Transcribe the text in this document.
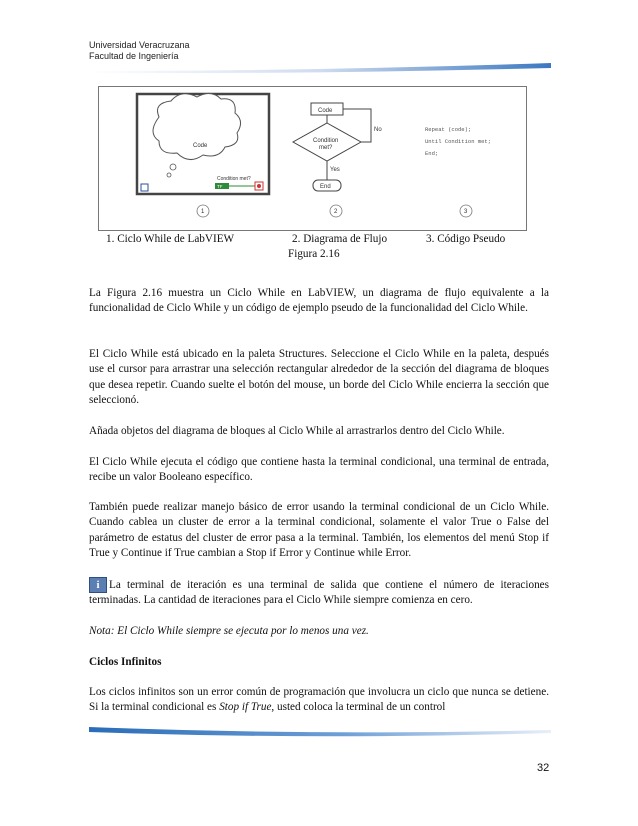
Universidad Veracruzana
Facultad de Ingeniería
Code
Condition met?
TF
Code
Condition
met?
No
Yes
End
Repeat (code);
Until Condition met;
End;
1	2	3
1. Ciclo While de LabVIEW	2. Diagrama de Flujo	3. Código Pseudo
Figura 2.16
La Figura 2.16 muestra un Ciclo While en LabVIEW, un diagrama de flujo equivalente a la funcionalidad de Ciclo While y un código de ejemplo pseudo de la funcionalidad del Ciclo While.
El Ciclo While está ubicado en la paleta Structures. Seleccione el Ciclo While en la paleta, después use el cursor para arrastrar una selección rectangular alrededor de la sección del diagrama de bloques que desea repetir. Cuando suelte el botón del mouse, un borde del Ciclo While encierra la sección que seleccionó.
Añada objetos del diagrama de bloques al Ciclo While al arrastrarlos dentro del Ciclo While.
El Ciclo While ejecuta el código que contiene hasta la terminal condicional, una terminal de entrada, recibe un valor Booleano específico.
También puede realizar manejo básico de error usando la terminal condicional de un Ciclo While. Cuando cablea un cluster de error a la terminal condicional, solamente el valor True o False del parámetro de estatus del cluster de error pasa a la terminal. También, los elementos del menú Stop if True y Continue if True cambian a Stop if Error y Continue while Error.
i La terminal de iteración es una terminal de salida que contiene el número de iteraciones terminadas. La cantidad de iteraciones para el Ciclo While siempre comienza en cero.
Nota: El Ciclo While siempre se ejecuta por lo menos una vez.
Ciclos Infinitos
Los ciclos infinitos son un error común de programación que involucra un ciclo que nunca se detiene. Si la terminal condicional es Stop if True, usted coloca la terminal de un control
32
